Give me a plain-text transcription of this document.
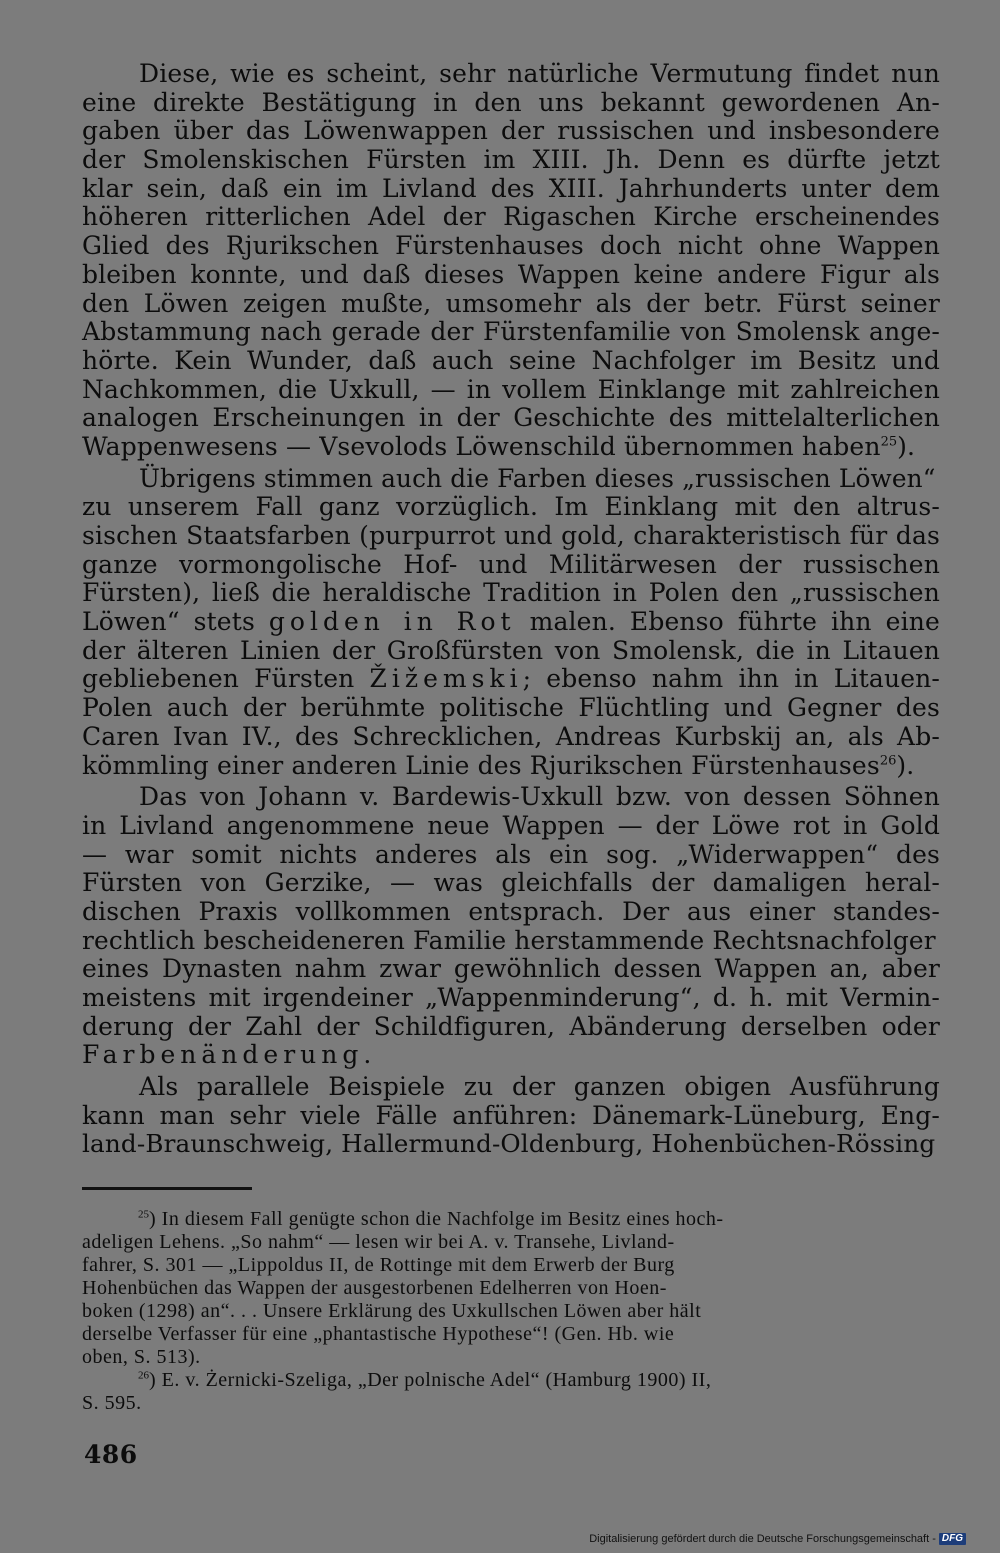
Diese, wie es scheint, sehr natürliche Vermutung findet nun
eine direkte Bestätigung in den uns bekannt gewordenen An-
gaben über das Löwenwappen der russischen und insbesondere
der Smolenskischen Fürsten im XIII. Jh. Denn es dürfte jetzt
klar sein, daß ein im Livland des XIII. Jahrhunderts unter dem
höheren ritterlichen Adel der Rigaschen Kirche erscheinendes
Glied des Rjurikschen Fürstenhauses doch nicht ohne Wappen
bleiben konnte, und daß dieses Wappen keine andere Figur als
den Löwen zeigen mußte, umsomehr als der betr. Fürst seiner
Abstammung nach gerade der Fürstenfamilie von Smolensk ange-
hörte. Kein Wunder, daß auch seine Nachfolger im Besitz und
Nachkommen, die Uxkull, — in vollem Einklange mit zahlreichen
analogen Erscheinungen in der Geschichte des mittelalterlichen
Wappenwesens — Vsevolods Löwenschild übernommen haben$^{25}$).
Übrigens stimmen auch die Farben dieses „russischen Löwen“
zu unserem Fall ganz vorzüglich. Im Einklang mit den altrus-
sischen Staatsfarben (purpurrot und gold, charakteristisch für das
ganze vormongolische Hof- und Militärwesen der russischen
Fürsten), ließ die heraldische Tradition in Polen den „russischen
Löwen“ stets golden in Rot malen. Ebenso führte ihn eine
der älteren Linien der Großfürsten von Smolensk, die in Litauen
gebliebenen Fürsten Žižemski; ebenso nahm ihn in Litauen-
Polen auch der berühmte politische Flüchtling und Gegner des
Caren Ivan IV., des Schrecklichen, Andreas Kurbskij an, als Ab-
kömmling einer anderen Linie des Rjurikschen Fürstenhauses$^{26}$).
Das von Johann v. Bardewis-Uxkull bzw. von dessen Söhnen
in Livland angenommene neue Wappen — der Löwe rot in Gold
— war somit nichts anderes als ein sog. „Widerwappen“ des
Fürsten von Gerzike, — was gleichfalls der damaligen heral-
dischen Praxis vollkommen entsprach. Der aus einer standes-
rechtlich bescheideneren Familie herstammende Rechtsnachfolger
eines Dynasten nahm zwar gewöhnlich dessen Wappen an, aber
meistens mit irgendeiner „Wappenminderung“, d. h. mit Vermin-
derung der Zahl der Schildfiguren, Abänderung derselben oder
Farbenänderung.
Als parallele Beispiele zu der ganzen obigen Ausführung
kann man sehr viele Fälle anführen: Dänemark-Lüneburg, Eng-
land-Braunschweig, Hallermund-Oldenburg, Hohenbüchen-Rössing
$^{25}$) In diesem Fall genügte schon die Nachfolge im Besitz eines hoch-
adeligen Lehens. „So nahm“ — lesen wir bei A. v. Transehe, Livland-
fahrer, S. 301 — „Lippoldus II, de Rottinge mit dem Erwerb der Burg
Hohenbüchen das Wappen der ausgestorbenen Edelherren von Hoen-
boken (1298) an“. . . Unsere Erklärung des Uxkullschen Löwen aber hält
derselbe Verfasser für eine „phantastische Hypothese“! (Gen. Hb. wie
oben, S. 513).
$^{26}$) E. v. Żernicki-Szeliga, „Der polnische Adel“ (Hamburg 1900) II,
S. 595.
486
Digitalisierung gefördert durch die Deutsche Forschungsgemeinschaft - DFG
